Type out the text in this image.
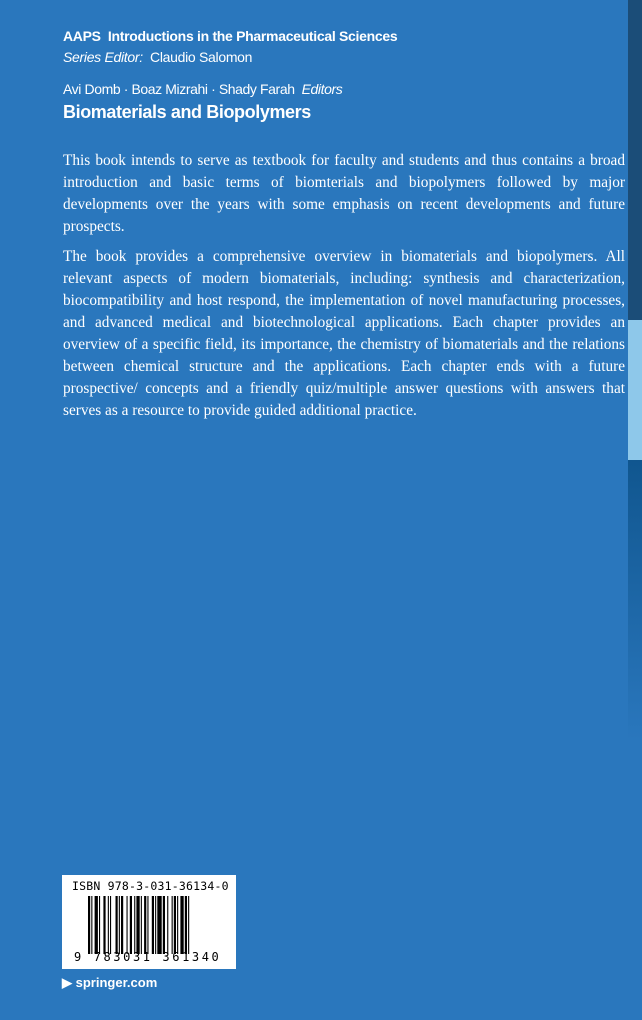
AAPS Introductions in the Pharmaceutical Sciences
Series Editor: Claudio Salomon
Avi Domb · Boaz Mizrahi · Shady Farah Editors
Biomaterials and Biopolymers

This book intends to serve as textbook for faculty and students and thus contains a broad introduction and basic terms of biomterials and biopolymers followed by major developments over the years with some emphasis on recent developments and future prospects.

The book provides a comprehensive overview in biomaterials and biopolymers. All relevant aspects of modern biomaterials, including: synthesis and characterization, biocompatibility and host respond, the implementation of novel manufacturing processes, and advanced medical and biotechnological applications. Each chapter provides an overview of a specific field, its importance, the chemistry of biomaterials and the relations between chemical structure and the applications. Each chapter ends with a future prospective/ concepts and a friendly quiz/multiple answer questions with answers that serves as a resource to provide guided additional practice.

ISBN 978-3-031-36134-0
9 783031 361340
▶ springer.com
